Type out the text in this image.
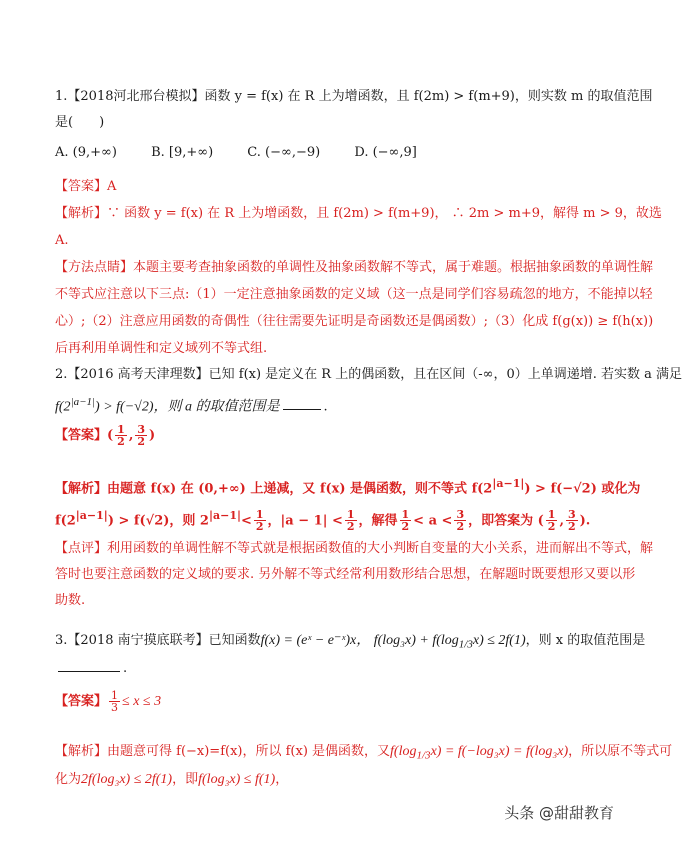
1.【2018河北邢台模拟】函数 y = f(x) 在 R 上为增函数，且 f(2m) > f(m+9)，则实数 m 的取值范围
是( )
A. (9,+∞)	B. [9,+∞)	C. (−∞,−9)	D. (−∞,9]
【答案】A
【解析】∵ 函数 y = f(x) 在 R 上为增函数，且 f(2m) > f(m+9)， ∴ 2m > m+9，解得 m > 9，故选
A.
【方法点睛】本题主要考查抽象函数的单调性及抽象函数解不等式，属于难题。根据抽象函数的单调性解
不等式应注意以下三点:（1）一定注意抽象函数的定义域（这一点是同学们容易疏忽的地方，不能掉以轻
心）;（2）注意应用函数的奇偶性（往往需要先证明是奇函数还是偶函数）;（3）化成 f(g(x)) ≥ f(h(x))
后再利用单调性和定义域列不等式组.
2.【2016 高考天津理数】已知 f(x) 是定义在 R 上的偶函数，且在区间（-∞，0）上单调递增. 若实数 a 满足
$f(2^{|a-1|}) > f(-√2)$，则 a 的取值范围是	.
【答案】( $\frac{1}{2}$ , $\frac{3}{2}$ )
【解析】由题意 f(x) 在 (0,+∞) 上递减，又 f(x) 是偶函数，则不等式 $f(2^{|a-1|}) > f(-√2)$ 或化为
$f(2^{|a-1|}) > f(√2)$，则 $2^{|a-1|}< \frac{1}{2}$ ，$|a - 1| < \frac{1}{2}$ ，解得 $\frac{1}{2} < a < \frac{3}{2}$ ，即答案为 ( $\frac{1}{2}$ , $\frac{3}{2}$ ).
【点评】利用函数的单调性解不等式就是根据函数值的大小判断自变量的大小关系，进而解出不等式，解
答时也要注意函数的定义域的要求. 另外解不等式经常利用数形结合思想，在解题时既要想形又要以形
助数.
3.【2018 南宁摸底联考】已知函数f(x) = (eˣ − e⁻ˣ)x， $f(\log_3x) + f(\log_{1/3}x) \le 2f(1)$，则 x 的取值范围是
.
【答案】 $\frac{1}{3} \le x \le 3$
【解析】由题意可得 f(−x)=f(x)，所以 f(x) 是偶函数，又$f(\log_{1/3}x) = f(-\log_3x) = f(\log_3x)$，所以原不等式可
化为2f(log₃x) ≤ 2f(1)，即f(log₃x) ≤ f(1)，
头条 @甜甜教育
